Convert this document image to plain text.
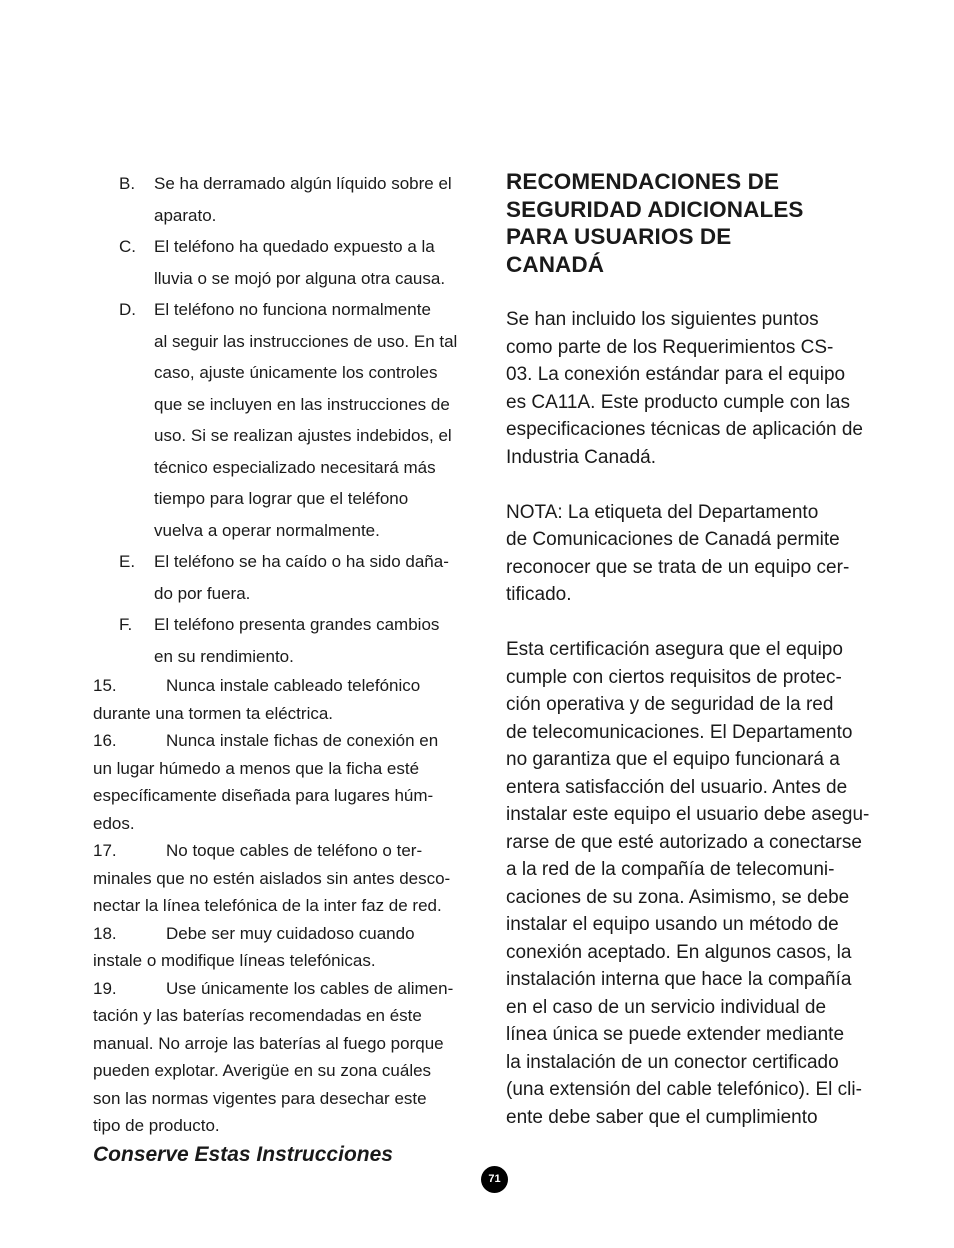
B. Se ha derramado algún líquido sobre el
aparato.
C. El teléfono ha quedado expuesto a la
lluvia o se mojó por alguna otra causa.
D. El teléfono no funciona normalmente
al seguir las instrucciones de uso. En tal
caso, ajuste únicamente los controles
que se incluyen en las instrucciones de
uso. Si se realizan ajustes indebidos, el
técnico especializado necesitará más
tiempo para lograr que el teléfono
vuelva a operar normalmente.
E. El teléfono se ha caído o ha sido daña-
do por fuera.
F. El teléfono presenta grandes cambios
en su rendimiento.
15.	Nunca instale cableado telefónico
durante una tormen ta eléctrica.
16.	Nunca instale fichas de conexión en
un lugar húmedo a menos que la ficha esté
específicamente diseñada para lugares húm-
edos.
17.	No toque cables de teléfono o ter-
minales que no estén aislados sin antes desco-
nectar la línea telefónica de la inter faz de red.
18.	Debe ser muy cuidadoso cuando
instale o modifique líneas telefónicas.
19.	Use únicamente los cables de alimen-
tación y las baterías recomendadas en éste
manual. No arroje las baterías al fuego porque
pueden explotar. Averigüe en su zona cuáles
son las normas vigentes para desechar este
tipo de producto.
Conserve Estas Instrucciones
RECOMENDACIONES DE
SEGURIDAD ADICIONALES
PARA USUARIOS DE
CANADÁ
Se han incluido los siguientes puntos
como parte de los Requerimientos CS-
03. La conexión estándar para el equipo
es CA11A. Este producto cumple con las
especificaciones técnicas de aplicación de
Industria Canadá.
NOTA: La etiqueta del Departamento
de Comunicaciones de Canadá permite
reconocer que se trata de un equipo cer-
tificado.
Esta certificación asegura que el equipo
cumple con ciertos requisitos de protec-
ción operativa y de seguridad de la red
de telecomunicaciones. El Departamento
no garantiza que el equipo funcionará a
entera satisfacción del usuario. Antes de
instalar este equipo el usuario debe asegu-
rarse de que esté autorizado a conectarse
a la red de la compañía de telecomuni-
caciones de su zona. Asimismo, se debe
instalar el equipo usando un método de
conexión aceptado. En algunos casos, la
instalación interna que hace la compañía
en el caso de un servicio individual de
línea única se puede extender mediante
la instalación de un conector certificado
(una extensión del cable telefónico). El cli-
ente debe saber que el cumplimiento
71
